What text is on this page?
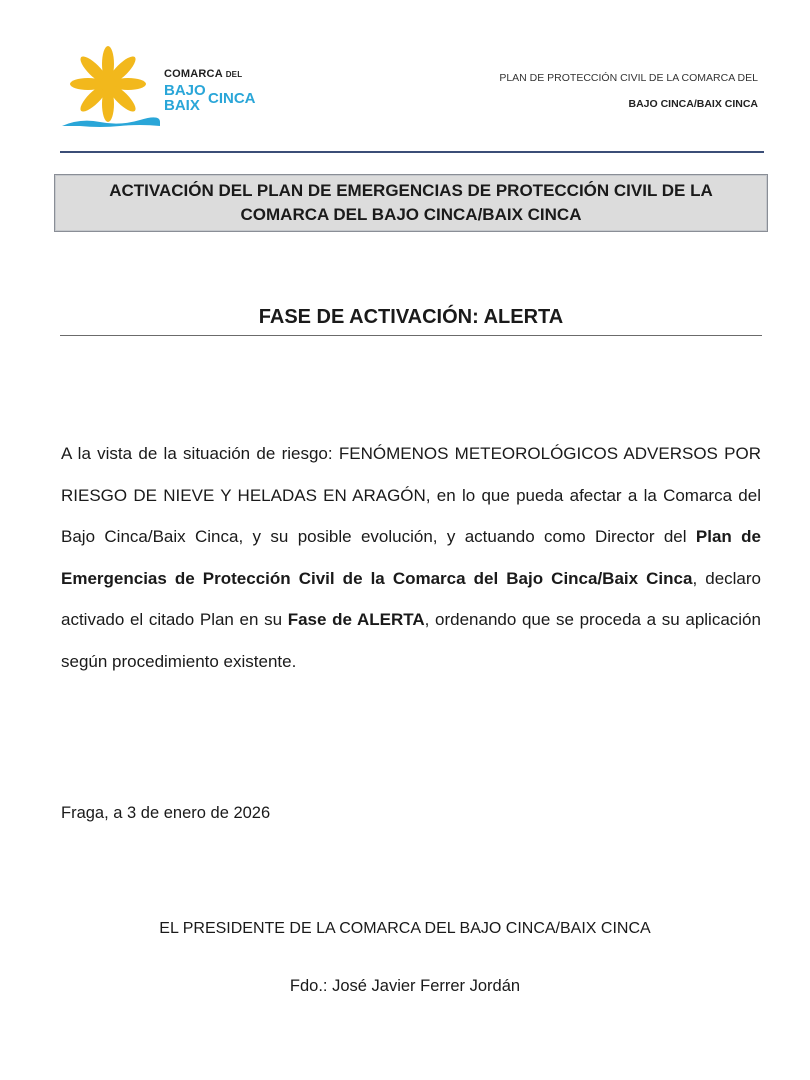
COMARCA DEL
BAJO
BAIX CINCA
PLAN DE PROTECCIÓN CIVIL DE LA COMARCA DEL
BAJO CINCA/BAIX CINCA
ACTIVACIÓN DEL PLAN DE EMERGENCIAS DE PROTECCIÓN CIVIL DE LA
COMARCA DEL BAJO CINCA/BAIX CINCA
FASE DE ACTIVACIÓN: ALERTA
A la vista de la situación de riesgo: FENÓMENOS METEOROLÓGICOS ADVERSOS POR RIESGO DE NIEVE Y HELADAS EN ARAGÓN, en lo que pueda afectar a la Comarca del Bajo Cinca/Baix Cinca, y su posible evolución, y actuando como Director del Plan de Emergencias de Protección Civil de la Comarca del Bajo Cinca/Baix Cinca, declaro activado el citado Plan en su Fase de ALERTA, ordenando que se proceda a su aplicación según procedimiento existente.
Fraga, a 3 de enero de 2026
EL PRESIDENTE DE LA COMARCA DEL BAJO CINCA/BAIX CINCA
Fdo.: José Javier Ferrer Jordán
